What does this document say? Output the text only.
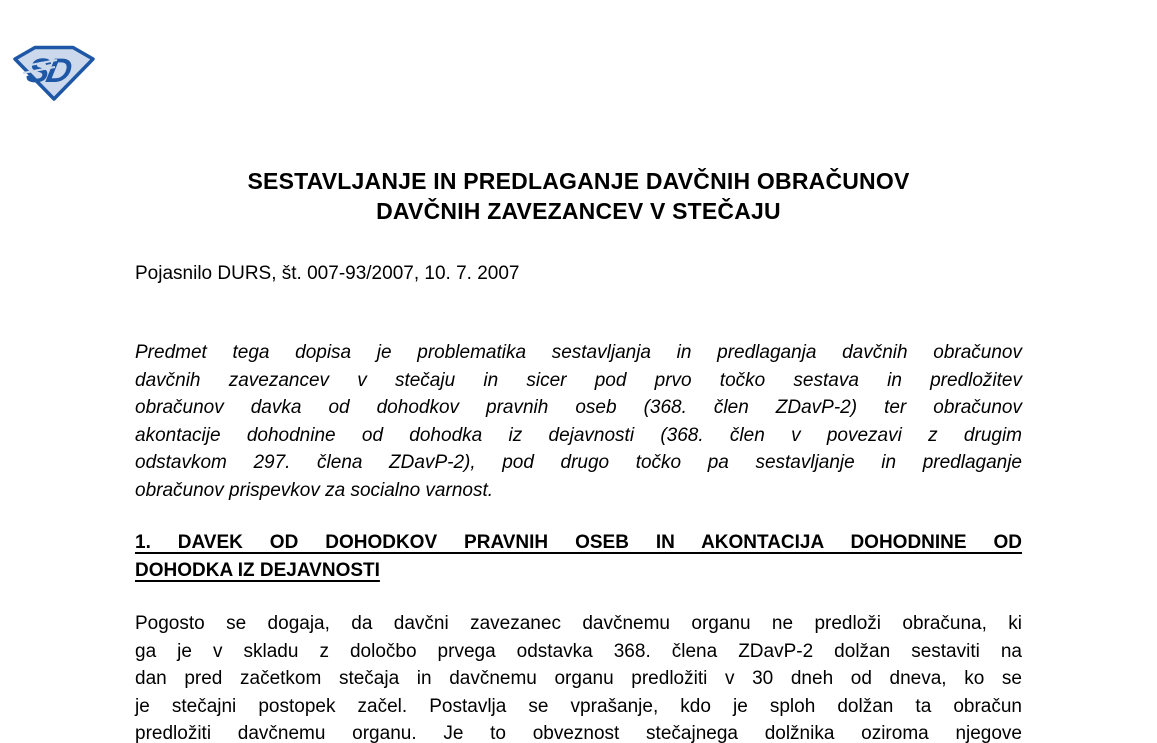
SD
SESTAVLJANJE IN PREDLAGANJE DAVČNIH OBRAČUNOV
DAVČNIH ZAVEZANCEV V STEČAJU
Pojasnilo DURS, št. 007-93/2007, 10. 7. 2007
Predmet tega dopisa je problematika sestavljanja in predlaganja davčnih obračunov
davčnih zavezancev v stečaju in sicer pod prvo točko sestava in predložitev
obračunov davka od dohodkov pravnih oseb (368. člen ZDavP-2) ter obračunov
akontacije dohodnine od dohodka iz dejavnosti (368. člen v povezavi z drugim
odstavkom 297. člena ZDavP-2), pod drugo točko pa sestavljanje in predlaganje
obračunov prispevkov za socialno varnost.
1. DAVEK OD DOHODKOV PRAVNIH OSEB IN AKONTACIJA DOHODNINE OD
DOHODKA IZ DEJAVNOSTI
Pogosto se dogaja, da davčni zavezanec davčnemu organu ne predloži obračuna, ki
ga je v skladu z določbo prvega odstavka 368. člena ZDavP-2 dolžan sestaviti na
dan pred začetkom stečaja in davčnemu organu predložiti v 30 dneh od dneva, ko se
je stečajni postopek začel. Postavlja se vprašanje, kdo je sploh dolžan ta obračun
predložiti davčnemu organu. Je to obveznost stečajnega dolžnika oziroma njegove
